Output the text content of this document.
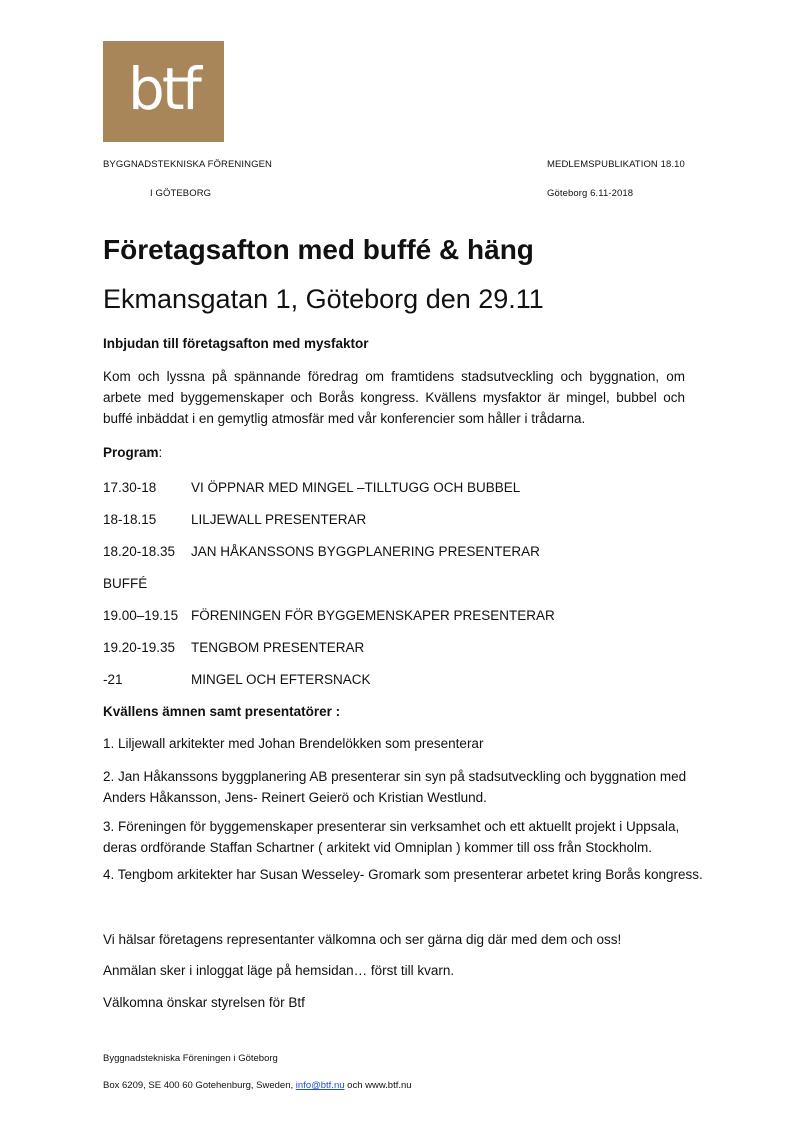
btf
BYGGNADSTEKNISKA FÖRENINGEN	MEDLEMSPUBLIKATION 18.10
I GÖTEBORG	Göteborg 6.11-2018
Företagsafton med buffé & häng
Ekmansgatan 1, Göteborg den 29.11
Inbjudan till företagsafton med mysfaktor
Kom och lyssna på spännande föredrag om framtidens stadsutveckling och byggnation, om arbete med byggemenskaper och Borås kongress. Kvällens mysfaktor är mingel, bubbel och buffé inbäddat i en gemytlig atmosfär med vår konferencier som håller i trådarna.
Program:
17.30-18	VI ÖPPNAR MED MINGEL –TILLTUGG OCH BUBBEL
18-18.15	LILJEWALL PRESENTERAR
18.20-18.35 JAN HÅKANSSONS BYGGPLANERING PRESENTERAR
BUFFÉ
19.00–19.15 FÖRENINGEN FÖR BYGGEMENSKAPER PRESENTERAR
19.20-19.35 TENGBOM PRESENTERAR
-21	MINGEL OCH EFTERSNACK
Kvällens ämnen samt presentatörer :
1. Liljewall arkitekter med Johan Brendelökken som presenterar
2. Jan Håkanssons byggplanering AB presenterar sin syn på stadsutveckling och byggnation med Anders Håkansson, Jens- Reinert Geierö och Kristian Westlund.
3. Föreningen för byggemenskaper presenterar sin verksamhet och ett aktuellt projekt i Uppsala, deras ordförande Staffan Schartner ( arkitekt vid Omniplan ) kommer till oss från Stockholm.
4. Tengbom arkitekter har Susan Wesseley- Gromark som presenterar arbetet kring Borås kongress.
Vi hälsar företagens representanter välkomna och ser gärna dig där med dem och oss!
Anmälan sker i inloggat läge på hemsidan… först till kvarn.
Välkomna önskar styrelsen för Btf
Byggnadstekniska Föreningen i Göteborg
Box 6209, SE 400 60 Gotehenburg, Sweden, info@btf.nu och www.btf.nu
